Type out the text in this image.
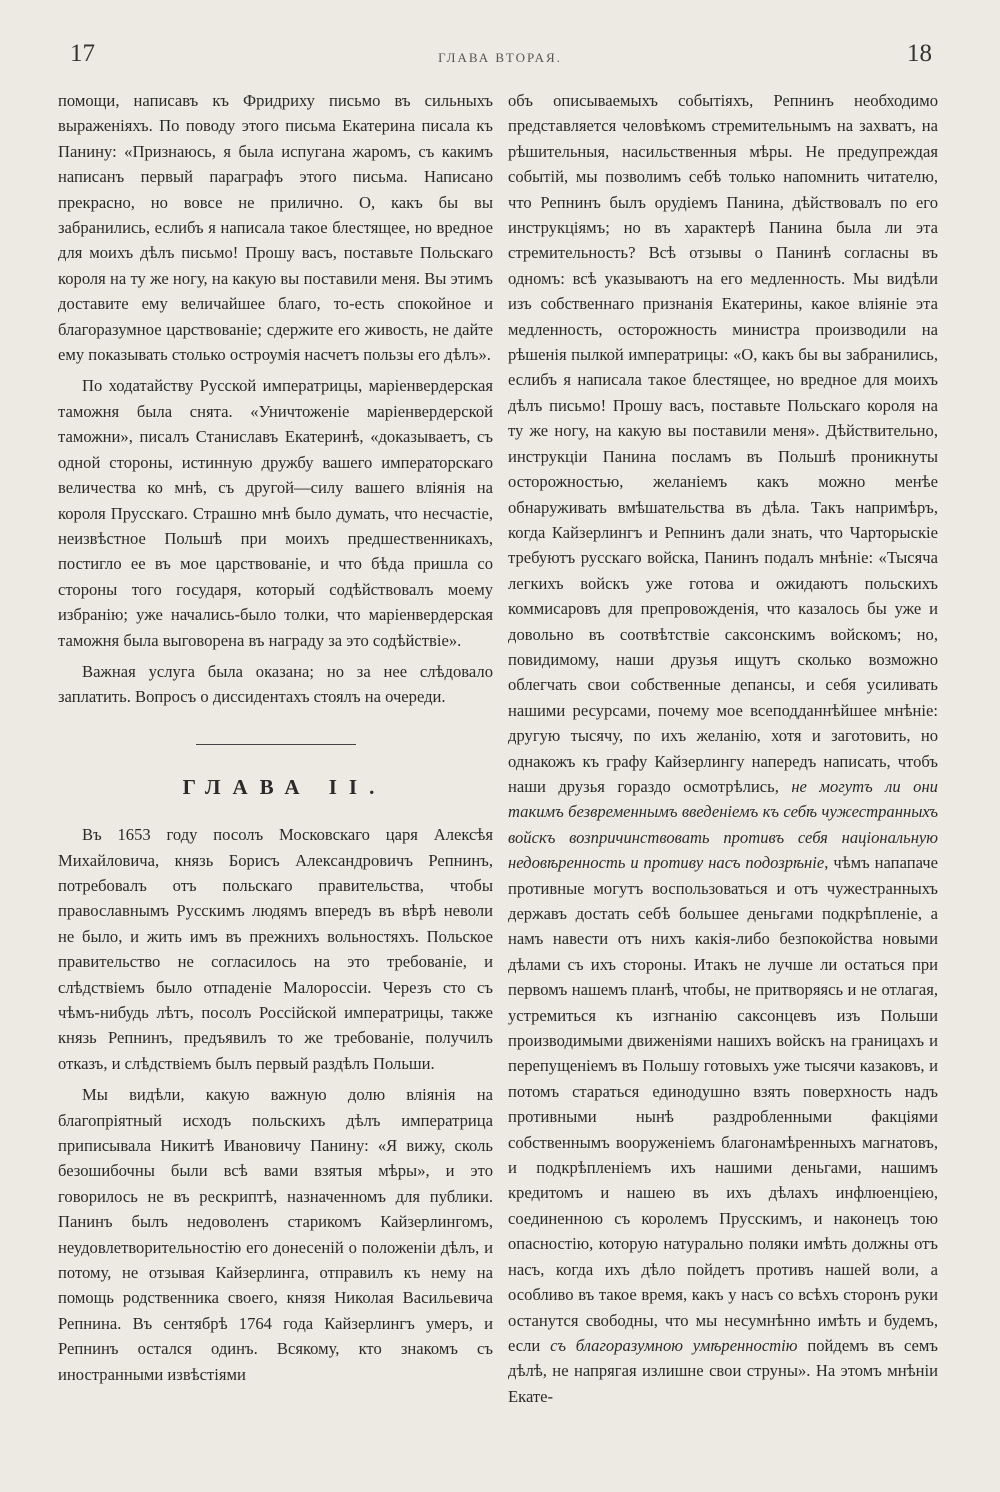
17	ГЛАВА ВТОРАЯ.	18

помощи, написавъ къ Фридриху письмо въ сильныхъ выраженіяхъ. По поводу этого письма Екатерина писала къ Панину: «Признаюсь, я была испугана жаромъ, съ какимъ написанъ первый параграфъ этого письма. Написано прекрасно, но вовсе не прилично. О, какъ бы вы забранились, еслибъ я написала такое блестящее, но вредное для моихъ дѣлъ письмо! Прошу васъ, поставьте Польскаго короля на ту же ногу, на какую вы поставили меня. Вы этимъ доставите ему величайшее благо, то-есть спокойное и благоразумное царствованіе; сдержите его живость, не дайте ему показывать столько остроумія насчетъ пользы его дѣлъ».

По ходатайству Русской императрицы, маріенвердерская таможня была снята. «Уничтоженіе маріенвердерской таможни», писалъ Станиславъ Екатеринѣ, «доказываетъ, съ одной стороны, истинную дружбу вашего императорскаго величества ко мнѣ, съ другой—силу вашего вліянія на короля Прусскаго. Страшно мнѣ было думать, что несчастіе, неизвѣстное Польшѣ при моихъ предшественникахъ, постигло ее въ мое царствованіе, и что бѣда пришла со стороны того государя, который содѣйствовалъ моему избранію; уже начались-было толки, что маріенвердерская таможня была выговорена въ награду за это содѣйствіе».

Важная услуга была оказана; но за нее слѣдовало заплатить. Вопросъ о диссидентахъ стоялъ на очереди.

ГЛАВА II.

Въ 1653 году посолъ Московскаго царя Алексѣя Михайловича, князь Борисъ Александровичъ Репнинъ, потребовалъ отъ польскаго правительства, чтобы православнымъ Русскимъ людямъ впередъ въ вѣрѣ неволи не было, и жить имъ въ прежнихъ вольностяхъ. Польское правительство не согласилось на это требованіе, и слѣдствіемъ было отпаденіе Малороссіи. Черезъ сто съ чѣмъ-нибудь лѣтъ, посолъ Россійской императрицы, также князь Репнинъ, предъявилъ то же требованіе, получилъ отказъ, и слѣдствіемъ былъ первый раздѣлъ Польши.

Мы видѣли, какую важную долю вліянія на благопріятный исходъ польскихъ дѣлъ императрица приписывала Никитѣ Ивановичу Панину: «Я вижу, сколь безошибочны были всѣ вами взятыя мѣры», и это говорилось не въ рескриптѣ, назначенномъ для публики. Панинъ былъ недоволенъ старикомъ Кайзерлингомъ, неудовлетворительностію его донесеній о положеніи дѣлъ, и потому, не отзывая Кайзерлинга, отправилъ къ нему на помощь родственника своего, князя Николая Васильевича Репнина. Въ сентябрѣ 1764 года Кайзерлингъ умеръ, и Репнинъ остался одинъ. Всякому, кто знакомъ съ иностранными извѣстіями

объ описываемыхъ событіяхъ, Репнинъ необходимо представляется человѣкомъ стремительнымъ на захватъ, на рѣшительныя, насильственныя мѣры. Не предупреждая событій, мы позволимъ себѣ только напомнить читателю, что Репнинъ былъ орудіемъ Панина, дѣйствовалъ по его инструкціямъ; но въ характерѣ Панина была ли эта стремительность? Всѣ отзывы о Панинѣ согласны въ одномъ: всѣ указываютъ на его медленность. Мы видѣли изъ собственнаго признанія Екатерины, какое вліяніе эта медленность, осторожность министра производили на рѣшенія пылкой императрицы: «О, какъ бы вы забранились, еслибъ я написала такое блестящее, но вредное для моихъ дѣлъ письмо! Прошу васъ, поставьте Польскаго короля на ту же ногу, на какую вы поставили меня». Дѣйствительно, инструкціи Панина посламъ въ Польшѣ проникнуты осторожностью, желаніемъ какъ можно менѣе обнаруживать вмѣшательства въ дѣла. Такъ напримѣръ, когда Кайзерлингъ и Репнинъ дали знать, что Чарторыскіе требуютъ русскаго войска, Панинъ подалъ мнѣніе: «Тысяча легкихъ войскъ уже готова и ожидаютъ польскихъ коммисаровъ для препровожденія, что казалось бы уже и довольно въ соотвѣтствіе саксонскимъ войскомъ; но, повидимому, наши друзья ищутъ сколько возможно облегчать свои собственные депансы, и себя усиливать нашими ресурсами, почему мое всеподданнѣйшее мнѣніе: другую тысячу, по ихъ желанію, хотя и заготовить, но однакожъ къ графу Кайзерлингу напередъ написать, чтобъ наши друзья гораздо осмотрѣлись, не могутъ ли они такимъ безвременнымъ введеніемъ къ себѣ чужестранныхъ войскъ возпричинствовать противъ себя національную недовѣренность и противу насъ подозрѣніе, чѣмъ напапаче противные могутъ воспользоваться и отъ чужестранныхъ державъ достать себѣ большее деньгами подкрѣпленіе, а намъ навести отъ нихъ какія-либо безпокойства новыми дѣлами съ ихъ стороны. Итакъ не лучше ли остаться при первомъ нашемъ планѣ, чтобы, не притворяясь и не отлагая, устремиться къ изгнанію саксонцевъ изъ Польши производимыми движеніями нашихъ войскъ на границахъ и перепущеніемъ въ Польшу готовыхъ уже тысячи казаковъ, и потомъ стараться единодушно взять поверхность надъ противными нынѣ раздробленными факціями собственнымъ вооруженіемъ благонамѣренныхъ магнатовъ, и подкрѣпленіемъ ихъ нашими деньгами, нашимъ кредитомъ и нашею въ ихъ дѣлахъ инфлюенціею, соединенною съ королемъ Прусскимъ, и наконецъ тою опасностію, которую натурально поляки имѣть должны отъ насъ, когда ихъ дѣло пойдетъ противъ нашей воли, а особливо въ такое время, какъ у насъ со всѣхъ сторонъ руки останутся свободны, что мы несумнѣнно имѣть и будемъ, если съ благоразумною умѣренностію пойдемъ въ семъ дѣлѣ, не напрягая излишне свои струны». На этомъ мнѣніи Екате-
